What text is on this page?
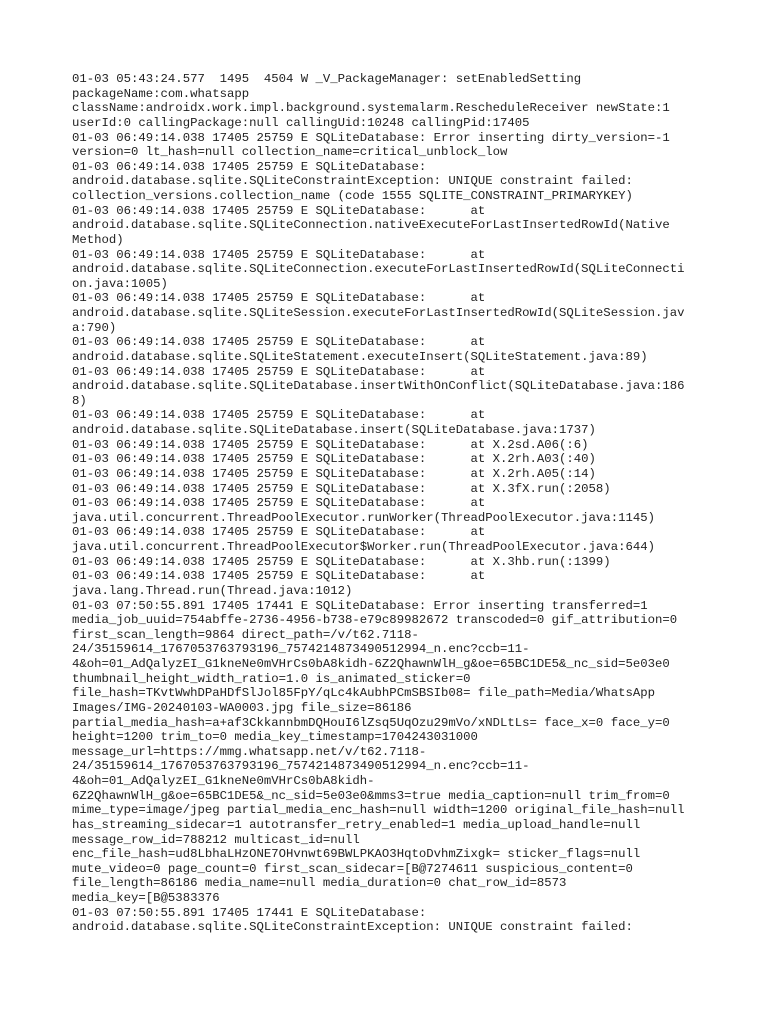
01-03 05:43:24.577  1495  4504 W _V_PackageManager: setEnabledSetting
packageName:com.whatsapp
className:androidx.work.impl.background.systemalarm.RescheduleReceiver newState:1
userId:0 callingPackage:null callingUid:10248 callingPid:17405
01-03 06:49:14.038 17405 25759 E SQLiteDatabase: Error inserting dirty_version=-1
version=0 lt_hash=null collection_name=critical_unblock_low
01-03 06:49:14.038 17405 25759 E SQLiteDatabase:
android.database.sqlite.SQLiteConstraintException: UNIQUE constraint failed:
collection_versions.collection_name (code 1555 SQLITE_CONSTRAINT_PRIMARYKEY)
01-03 06:49:14.038 17405 25759 E SQLiteDatabase:      at
android.database.sqlite.SQLiteConnection.nativeExecuteForLastInsertedRowId(Native
Method)
01-03 06:49:14.038 17405 25759 E SQLiteDatabase:      at
android.database.sqlite.SQLiteConnection.executeForLastInsertedRowId(SQLiteConnecti
on.java:1005)
01-03 06:49:14.038 17405 25759 E SQLiteDatabase:      at
android.database.sqlite.SQLiteSession.executeForLastInsertedRowId(SQLiteSession.jav
a:790)
01-03 06:49:14.038 17405 25759 E SQLiteDatabase:      at
android.database.sqlite.SQLiteStatement.executeInsert(SQLiteStatement.java:89)
01-03 06:49:14.038 17405 25759 E SQLiteDatabase:      at
android.database.sqlite.SQLiteDatabase.insertWithOnConflict(SQLiteDatabase.java:186
8)
01-03 06:49:14.038 17405 25759 E SQLiteDatabase:      at
android.database.sqlite.SQLiteDatabase.insert(SQLiteDatabase.java:1737)
01-03 06:49:14.038 17405 25759 E SQLiteDatabase:      at X.2sd.A06(:6)
01-03 06:49:14.038 17405 25759 E SQLiteDatabase:      at X.2rh.A03(:40)
01-03 06:49:14.038 17405 25759 E SQLiteDatabase:      at X.2rh.A05(:14)
01-03 06:49:14.038 17405 25759 E SQLiteDatabase:      at X.3fX.run(:2058)
01-03 06:49:14.038 17405 25759 E SQLiteDatabase:      at
java.util.concurrent.ThreadPoolExecutor.runWorker(ThreadPoolExecutor.java:1145)
01-03 06:49:14.038 17405 25759 E SQLiteDatabase:      at
java.util.concurrent.ThreadPoolExecutor$Worker.run(ThreadPoolExecutor.java:644)
01-03 06:49:14.038 17405 25759 E SQLiteDatabase:      at X.3hb.run(:1399)
01-03 06:49:14.038 17405 25759 E SQLiteDatabase:      at
java.lang.Thread.run(Thread.java:1012)
01-03 07:50:55.891 17405 17441 E SQLiteDatabase: Error inserting transferred=1
media_job_uuid=754abffe-2736-4956-b738-e79c89982672 transcoded=0 gif_attribution=0
first_scan_length=9864 direct_path=/v/t62.7118-
24/35159614_1767053763793196_7574214873490512994_n.enc?ccb=11-
4&oh=01_AdQalyzEI_G1kneNe0mVHrCs0bA8kidh-6Z2QhawnWlH_g&oe=65BC1DE5&_nc_sid=5e03e0
thumbnail_height_width_ratio=1.0 is_animated_sticker=0
file_hash=TKvtWwhDPaHDfSlJol85FpY/qLc4kAubhPCmSBSIb08= file_path=Media/WhatsApp
Images/IMG-20240103-WA0003.jpg file_size=86186
partial_media_hash=a+af3CkkannbmDQHouI6lZsq5UqOzu29mVo/xNDLtLs= face_x=0 face_y=0
height=1200 trim_to=0 media_key_timestamp=1704243031000
message_url=https://mmg.whatsapp.net/v/t62.7118-
24/35159614_1767053763793196_7574214873490512994_n.enc?ccb=11-
4&oh=01_AdQalyzEI_G1kneNe0mVHrCs0bA8kidh-
6Z2QhawnWlH_g&oe=65BC1DE5&_nc_sid=5e03e0&mms3=true media_caption=null trim_from=0
mime_type=image/jpeg partial_media_enc_hash=null width=1200 original_file_hash=null
has_streaming_sidecar=1 autotransfer_retry_enabled=1 media_upload_handle=null
message_row_id=788212 multicast_id=null
enc_file_hash=ud8LbhaLHzONE7OHvnwt69BWLPKAO3HqtoDvhmZixgk= sticker_flags=null
mute_video=0 page_count=0 first_scan_sidecar=[B@7274611 suspicious_content=0
file_length=86186 media_name=null media_duration=0 chat_row_id=8573
media_key=[B@5383376
01-03 07:50:55.891 17405 17441 E SQLiteDatabase:
android.database.sqlite.SQLiteConstraintException: UNIQUE constraint failed:
